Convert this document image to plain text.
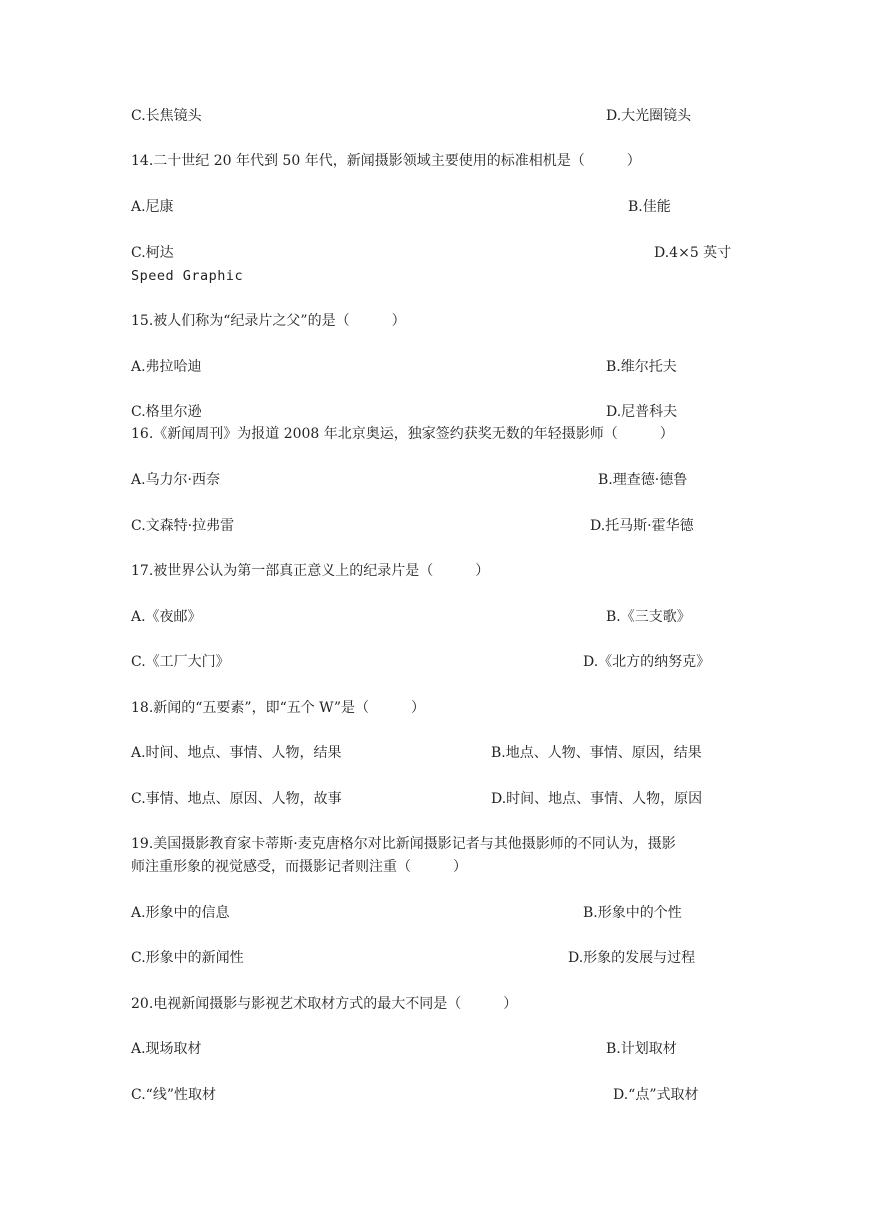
C.长焦镜头	D.大光圈镜头
14.二十世纪 20 年代到 50 年代，新闻摄影领域主要使用的标准相机是（　　　）
A.尼康	B.佳能
C.柯达	D.4×5 英寸
Speed Graphic
15.被人们称为“纪录片之父”的是（　　　）
A.弗拉哈迪	B.维尔托夫
C.格里尔逊	D.尼普科夫
16.《新闻周刊》为报道 2008 年北京奥运，独家签约获奖无数的年轻摄影师（　　　）
A.乌力尔·西奈	B.理查德·德鲁
C.文森特·拉弗雷	D.托马斯·霍华德
17.被世界公认为第一部真正意义上的纪录片是（　　　）
A.《夜邮》	B.《三支歌》
C.《工厂大门》	D.《北方的纳努克》
18.新闻的“五要素”，即“五个 W”是（　　　）
A.时间、地点、事情、人物，结果	B.地点、人物、事情、原因，结果
C.事情、地点、原因、人物，故事	D.时间、地点、事情、人物，原因
19.美国摄影教育家卡蒂斯·麦克唐格尔对比新闻摄影记者与其他摄影师的不同认为，摄影
师注重形象的视觉感受，而摄影记者则注重（　　　）
A.形象中的信息	B.形象中的个性
C.形象中的新闻性	D.形象的发展与过程
20.电视新闻摄影与影视艺术取材方式的最大不同是（　　　）
A.现场取材	B.计划取材
C.“线”性取材	D.“点”式取材
